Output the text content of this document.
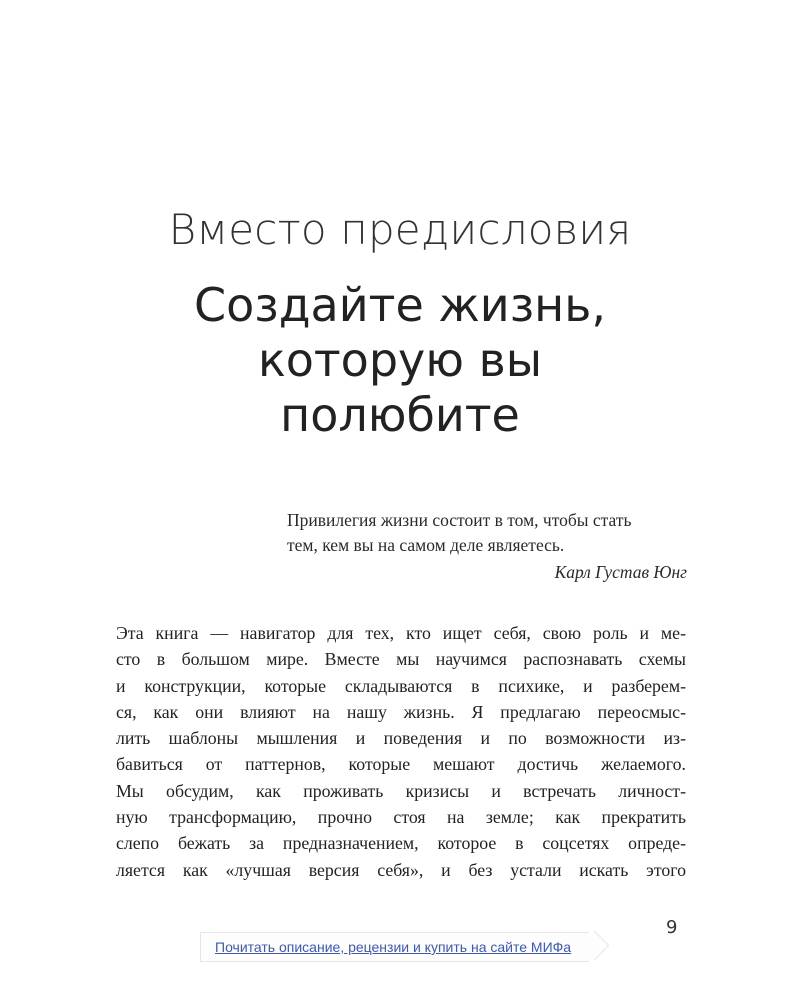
Вместо предисловия
Создайте жизнь,
которую вы
полюбите
Привилегия жизни состоит в том, чтобы стать
тем, кем вы на самом деле являетесь.
Карл Густав Юнг
Эта книга — навигатор для тех, кто ищет себя, свою роль и ме-
сто в большом мире. Вместе мы научимся распознавать схемы
и конструкции, которые складываются в психике, и разберем-
ся, как они влияют на нашу жизнь. Я предлагаю переосмыс-
лить шаблоны мышления и поведения и по возможности из-
бавиться от паттернов, которые мешают достичь желаемого.
Мы обсудим, как проживать кризисы и встречать личност-
ную трансформацию, прочно стоя на земле; как прекратить
слепо бежать за предназначением, которое в соцсетях опреде-
ляется как «лучшая версия себя», и без устали искать этого
9
Почитать описание, рецензии и купить на сайте МИФа
